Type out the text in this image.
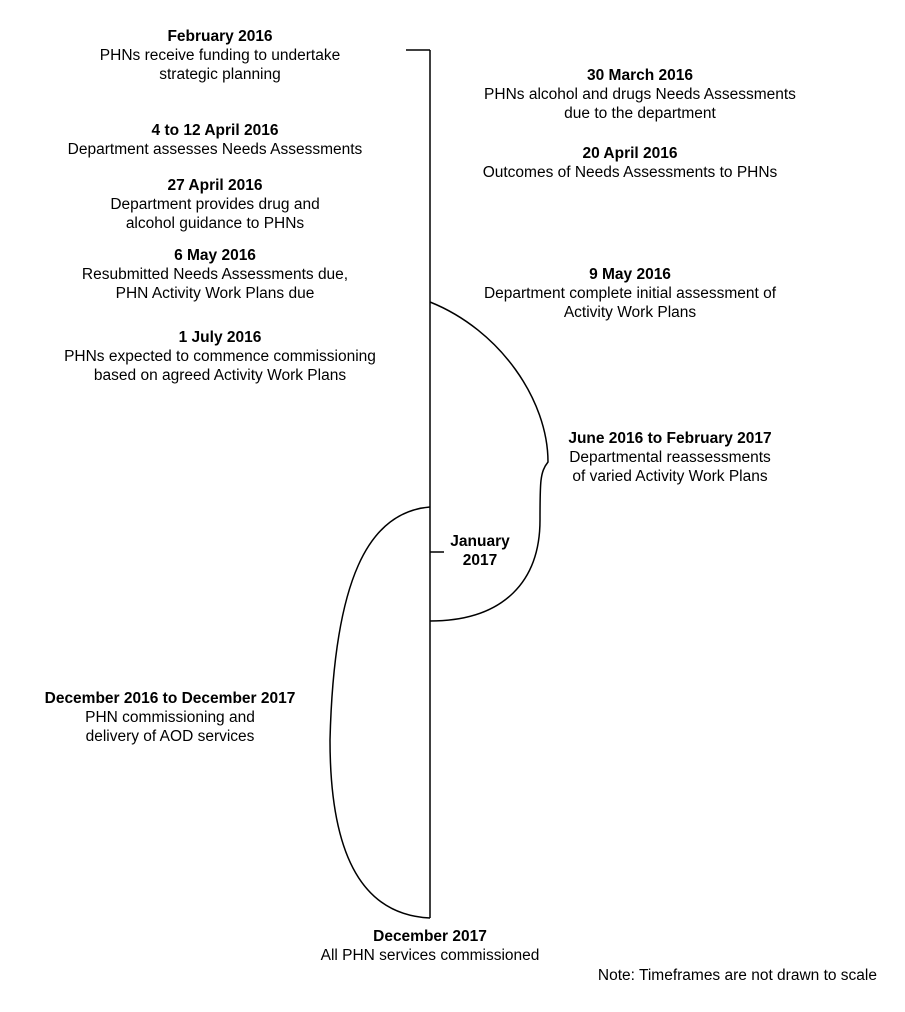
February 2016
PHNs receive funding to undertake
strategic planning
4 to 12 April 2016
Department assesses Needs Assessments
27 April 2016
Department provides drug and
alcohol guidance to PHNs
6 May 2016
Resubmitted Needs Assessments due,
PHN Activity Work Plans due
1 July 2016
PHNs expected to commence commissioning
based on agreed Activity Work Plans
December 2016 to December 2017
PHN commissioning and
delivery of AOD services
30 March 2016
PHNs alcohol and drugs Needs Assessments
due to the department
20 April 2016
Outcomes of Needs Assessments to PHNs
9 May 2016
Department complete initial assessment of
Activity Work Plans
June 2016 to February 2017
Departmental reassessments
of varied Activity Work Plans
January
2017
December 2017
All PHN services commissioned
Note: Timeframes are not drawn to scale
